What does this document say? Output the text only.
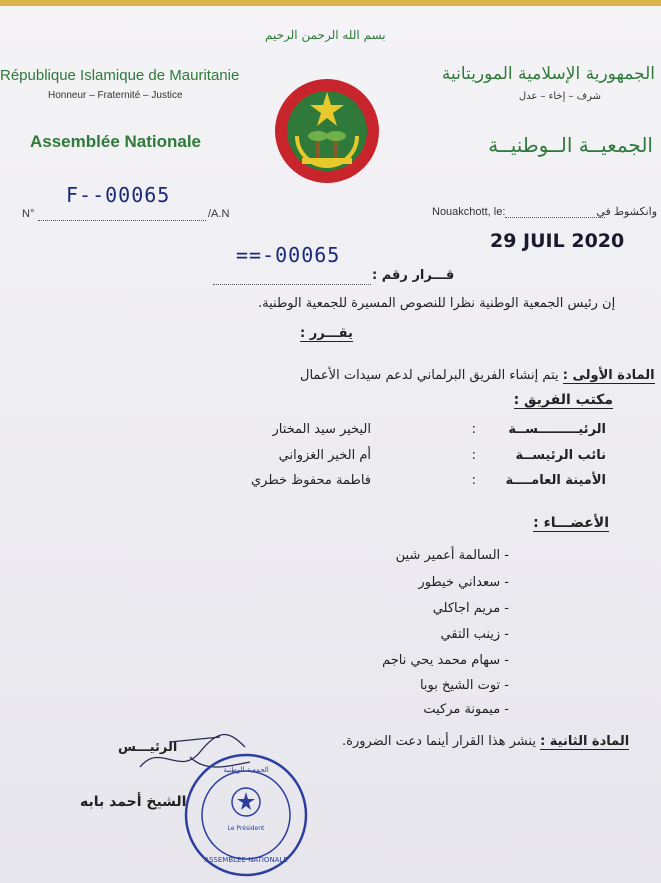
بسم الله الرحمن الرحيم
République Islamique de Mauritanie
Honneur – Fraternité – Justice
Assemblée Nationale
الجمهورية الإسلامية الموريتانية
شرف – إخاء – عدل
الجمعيــة الــوطنيــة
F--00065
N°	/A.N	Nouakchott, le:	وانكشوط في
29 JUIL 2020
==-00065
قـــرار رقم :
إن رئيس الجمعية الوطنية نظرا للنصوص المسيرة للجمعية الوطنية.
يقـــرر :
المادة الأولى : يتم إنشاء الفريق البرلماني لدعم سيدات الأعمال
مكتب الفريق :
الرئيـــــــــســة
:
اليخير سيد المختار
نائب الرئيســة
:
أم الخير الغزواني
الأمينة العامــــة
:
فاطمة محفوظ خطري
الأعضـــاء :
- السالمة أعمير شين
- سعداني خيطور
- مريم اجاكلي
- زينب التقي
- سهام محمد يحي ناجم
- توت الشيخ بوبا
- ميمونة مركيت
المادة الثانية : ينشر هذا القرار أينما دعت الضرورة.
الرئيـــس
الشيخ أحمد بابه
ASSEMBLEE NATIONALE
Le Président
الجمعية الوطنية
